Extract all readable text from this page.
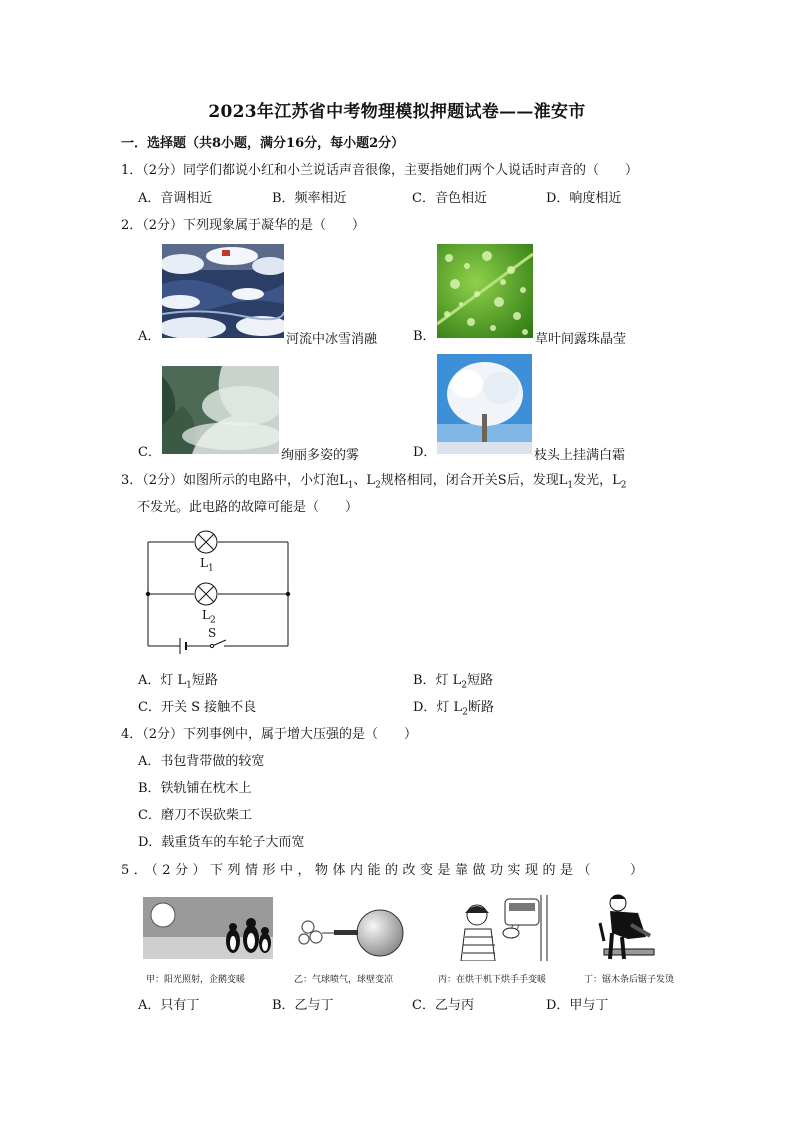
2023年江苏省中考物理模拟押题试卷——淮安市
一．选择题（共8小题，满分16分，每小题2分）
1．（2分）同学们都说小红和小兰说话声音很像，主要指她们两个人说话时声音的（　　）
A．音调相近	B．频率相近	C．音色相近	D．响度相近
2．（2分）下列现象属于凝华的是（　　）
A．	河流中冰雪消融	B．	草叶间露珠晶莹
C．	绚丽多姿的雾	D．	枝头上挂满白霜
3．（2分）如图所示的电路中，小灯泡$L_1$、$L_2$规格相同，闭合开关S后，发现$L_1$发光，$L_2$
不发光。此电路的故障可能是（　　）
$L_1$
$L_2$
S
A．灯 $L_1$短路	B．灯 $L_2$短路
C．开关 S 接触不良	D．灯 $L_2$断路
4．（2分）下列事例中，属于增大压强的是（　　）
A．书包背带做的较宽
B．铁轨铺在枕木上
C．磨刀不误砍柴工
D．载重货车的车轮子大而宽
5．（2分）下列情形中，物体内能的改变是靠做功实现的是（　　）
甲：阳光照射，企鹅变暖	乙：气球喷气，球壁变凉	丙：在烘干机下烘手手变暖	丁：锯木条后锯子发烫
A．只有丁	B．乙与丁	C．乙与丙	D．甲与丁
